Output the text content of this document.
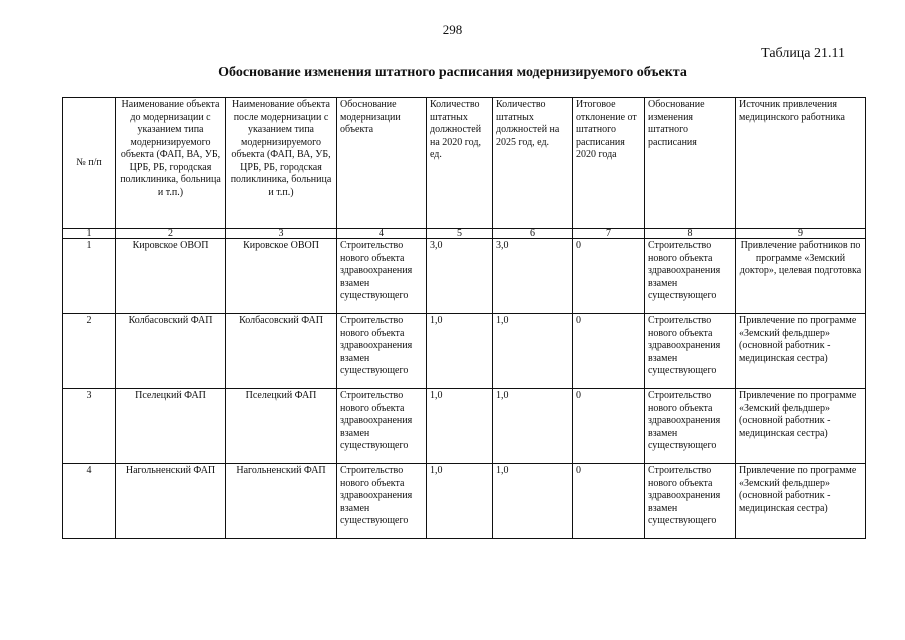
298
Таблица 21.11
Обоснование изменения штатного расписания модернизируемого объекта
№ п/п	Наименование объекта до модернизации с указанием типа модернизируемого объекта (ФАП, ВА, УБ, ЦРБ, РБ, городская поликлиника, больница и т.п.)	Наименование объекта после модернизации с указанием типа модернизируемого объекта (ФАП, ВА, УБ, ЦРБ, РБ, городская поликлиника, больница и т.п.)	Обоснование модернизации объекта	Количество штатных должностей на 2020 год, ед.	Количество штатных должностей на 2025 год, ед.	Итоговое отклонение от штатного расписания 2020 года	Обоснование изменения штатного расписания	Источник привлечения медицинского работника
1	2	3	4	5	6	7	8	9
1	Кировское ОВОП	Кировское ОВОП	Строительство нового объекта здравоохранения взамен существующего	3,0	3,0	0	Строительство нового объекта здравоохранения взамен существующего	Привлечение работников по программе «Земский доктор», целевая подготовка
2	Колбасовский ФАП	Колбасовский ФАП	Строительство нового объекта здравоохранения взамен существующего	1,0	1,0	0	Строительство нового объекта здравоохранения взамен существующего	Привлечение по программе «Земский фельдшер» (основной работник - медицинская сестра)
3	Пселецкий ФАП	Пселецкий ФАП	Строительство нового объекта здравоохранения взамен существующего	1,0	1,0	0	Строительство нового объекта здравоохранения взамен существующего	Привлечение по программе «Земский фельдшер» (основной работник - медицинская сестра)
4	Нагольненский ФАП	Нагольненский ФАП	Строительство нового объекта здравоохранения взамен существующего	1,0	1,0	0	Строительство нового объекта здравоохранения взамен существующего	Привлечение по программе «Земский фельдшер» (основной работник - медицинская сестра)
